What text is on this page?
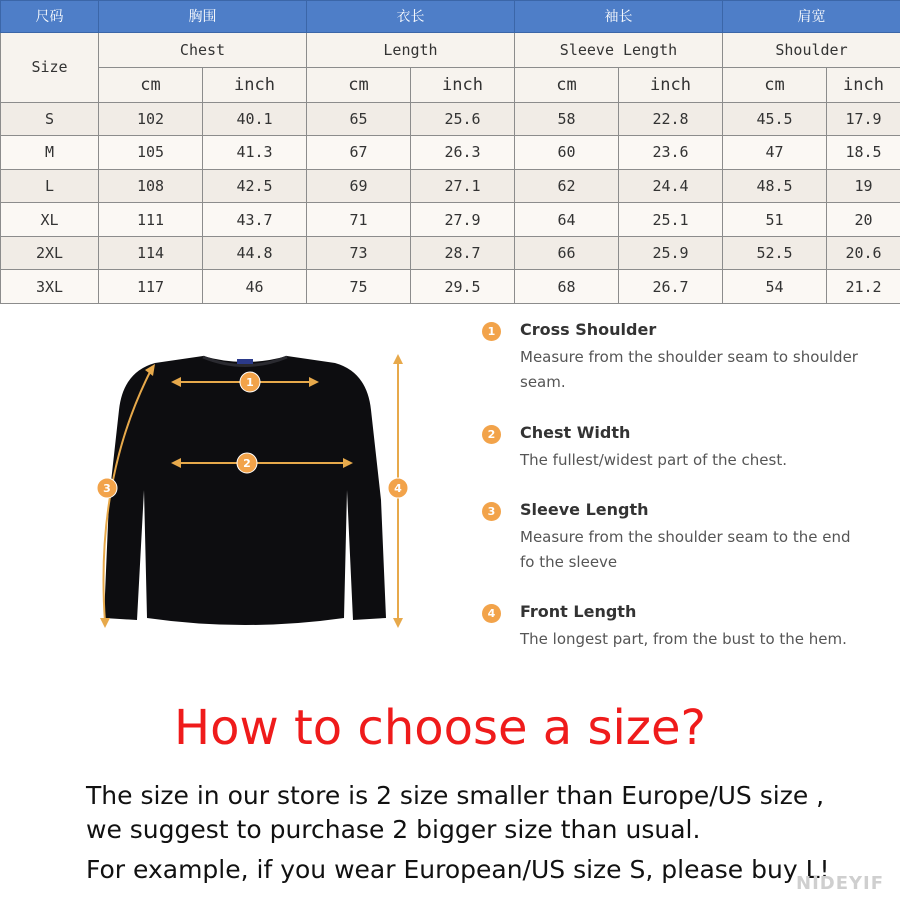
尺码	胸围		衣长		袖长		肩宽	
Size	Chest		Length		Sleeve Length		Shoulder	
	cm	inch	cm	inch	cm	inch	cm	inch
S	102	40.1	65	25.6	58	22.8	45.5	17.9
M	105	41.3	67	26.3	60	23.6	47	18.5
L	108	42.5	69	27.1	62	24.4	48.5	19
XL	111	43.7	71	27.9	64	25.1	51	20
2XL	114	44.8	73	28.7	66	25.9	52.5	20.6
3XL	117	46	75	29.5	68	26.7	54	21.2
1
2
3	4
1	Cross Shoulder
Measure from the shoulder seam to shoulder seam.
2	Chest Width
The fullest/widest part of the chest.
3	Sleeve Length
Measure from the shoulder seam to the end fo the sleeve
4	Front Length
The longest part, from the bust to the hem.
How to choose a size?
The size in our store is 2 size smaller than Europe/US size ,
we suggest to purchase 2 bigger size than usual.
For example, if you wear European/US size S, please buy L!
NIDEYIF
